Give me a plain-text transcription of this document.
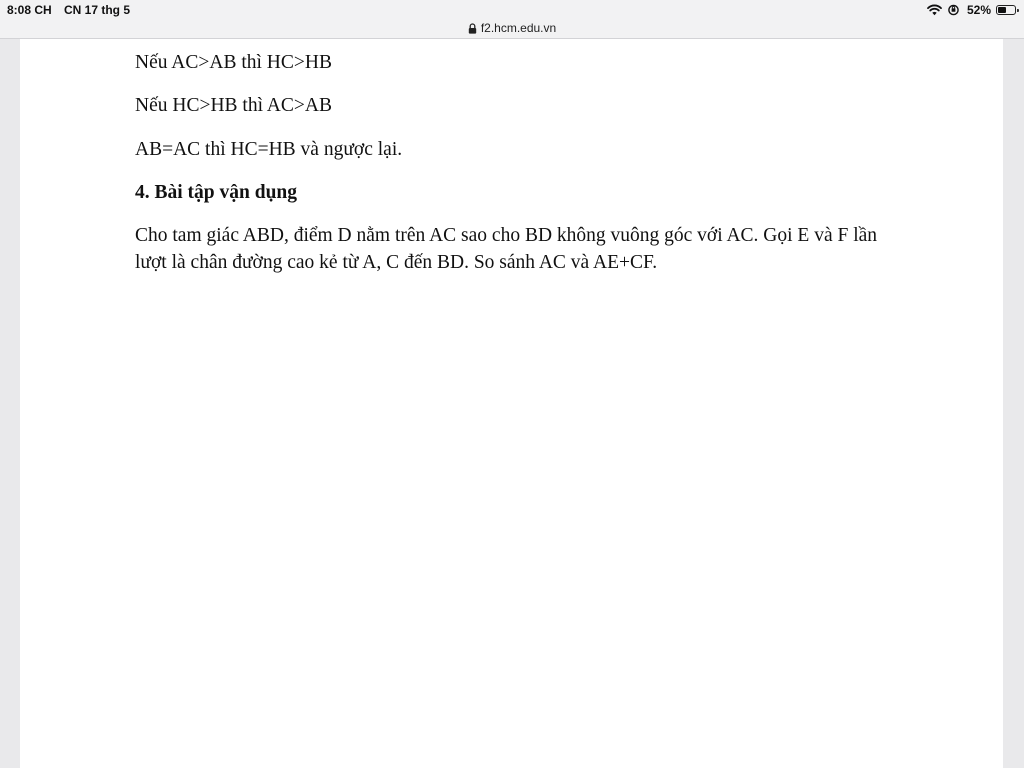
8:08 CH CN 17 thg 5	52%
f2.hcm.edu.vn

Nếu AC>AB thì HC>HB

Nếu HC>HB thì AC>AB

AB=AC thì HC=HB và ngược lại.

4. Bài tập vận dụng

Cho tam giác ABD, điểm D nằm trên AC sao cho BD không vuông góc với AC. Gọi E và F lần lượt là chân đường cao kẻ từ A, C đến BD. So sánh AC và AE+CF.
